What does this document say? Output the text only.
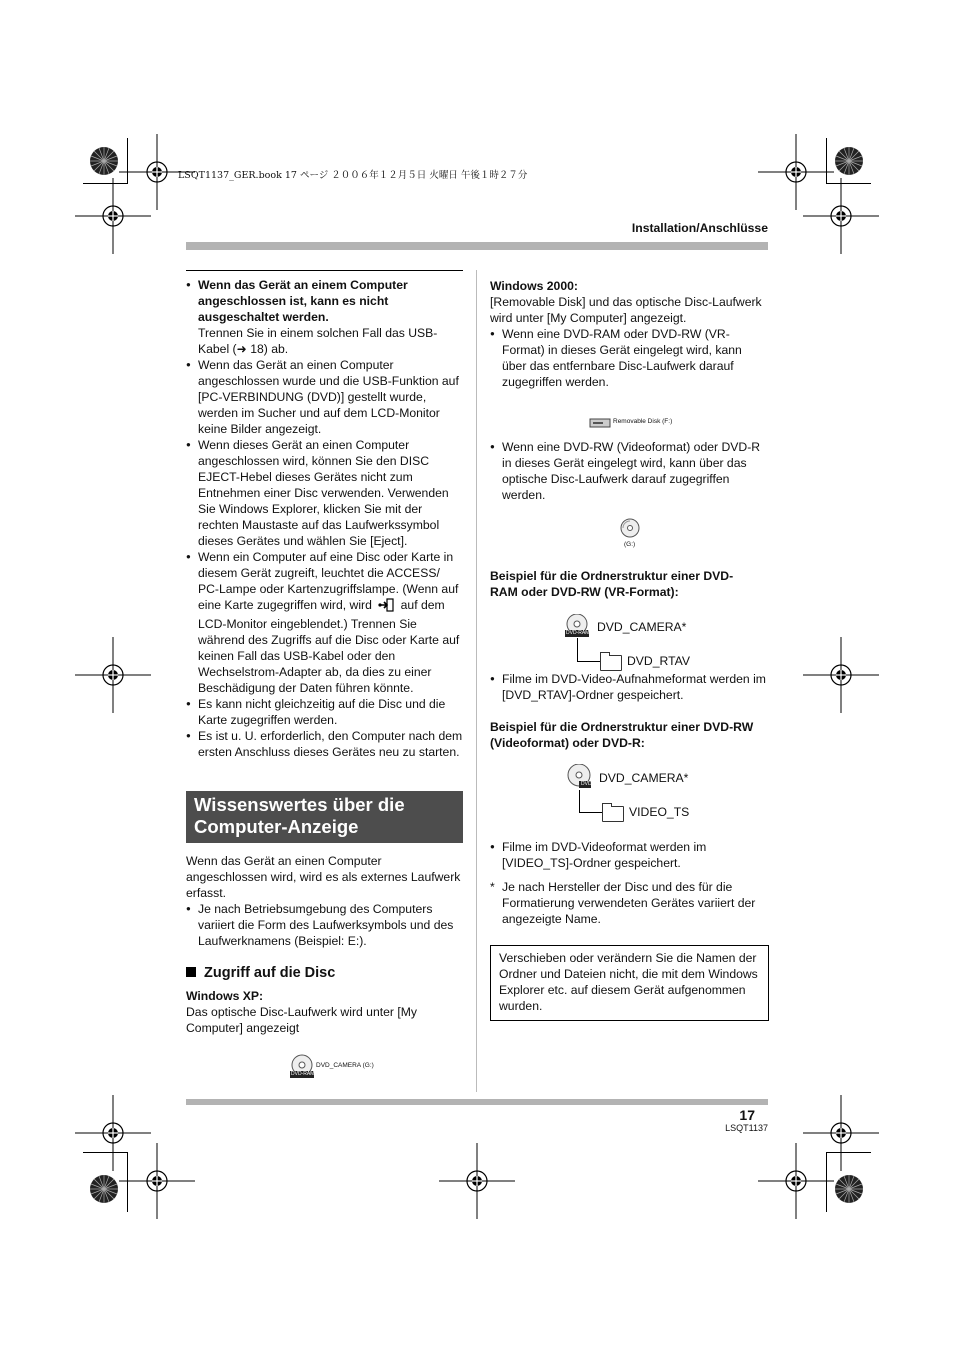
LSQT1137_GER.book 17 ページ ２００６年１２月５日 火曜日 午後１時２７分
Installation/Anschlüsse
● Wenn das Gerät an einem Computer angeschlossen ist, kann es nicht ausgeschaltet werden.
Trennen Sie in einem solchen Fall das USB-Kabel (➜ 18) ab.
● Wenn das Gerät an einen Computer angeschlossen wurde und die USB-Funktion auf [PC-VERBINDUNG (DVD)] gestellt wurde, werden im Sucher und auf dem LCD-Monitor keine Bilder angezeigt.
● Wenn dieses Gerät an einen Computer angeschlossen wird, können Sie den DISC EJECT-Hebel dieses Gerätes nicht zum Entnehmen einer Disc verwenden. Verwenden Sie Windows Explorer, klicken Sie mit der rechten Maustaste auf das Laufwerkssymbol dieses Gerätes und wählen Sie [Eject].
● Wenn ein Computer auf eine Disc oder Karte in diesem Gerät zugreift, leuchtet die ACCESS/ PC-Lampe oder Kartenzugriffslampe. (Wenn auf eine Karte zugegriffen wird, wird auf dem LCD-Monitor eingeblendet.) Trennen Sie während des Zugriffs auf die Disc oder Karte auf keinen Fall das USB-Kabel oder den Wechselstrom-Adapter ab, da dies zu einer Beschädigung der Daten führen könnte.
● Es kann nicht gleichzeitig auf die Disc und die Karte zugegriffen werden.
● Es ist u. U. erforderlich, den Computer nach dem ersten Anschluss dieses Gerätes neu zu starten.
Wissenswertes über die
Computer-Anzeige
Wenn das Gerät an einen Computer angeschlossen wird, wird es als externes Laufwerk erfasst.
● Je nach Betriebsumgebung des Computers variiert die Form des Laufwerksymbols und des Laufwerknamens (Beispiel: E:).
Zugriff auf die Disc
Windows XP:
Das optische Disc-Laufwerk wird unter [My Computer] angezeigt
DVD-RAM
DVD_CAMERA (G:)
Windows 2000:
[Removable Disk] und das optische Disc-Laufwerk wird unter [My Computer] angezeigt.
● Wenn eine DVD-RAM oder DVD-RW (VR-Format) in dieses Gerät eingelegt wird, kann über das entfernbare Disc-Laufwerk darauf zugegriffen werden.
Removable Disk (F:)
● Wenn eine DVD-RW (Videoformat) oder DVD-R in dieses Gerät eingelegt wird, kann über das optische Disc-Laufwerk darauf zugegriffen werden.
(G:)
Beispiel für die Ordnerstruktur einer DVD-RAM oder DVD-RW (VR-Format):
DVD-RAM DVD_CAMERA*
DVD_RTAV
● Filme im DVD-Video-Aufnahmeformat werden im [DVD_RTAV]-Ordner gespeichert.
Beispiel für die Ordnerstruktur einer DVD-RW (Videoformat) oder DVD-R:
DVD DVD_CAMERA*
VIDEO_TS
● Filme im DVD-Videoformat werden im [VIDEO_TS]-Ordner gespeichert.
* Je nach Hersteller der Disc und des für die Formatierung verwendeten Gerätes variiert der angezeigte Name.
Verschieben oder verändern Sie die Namen der Ordner und Dateien nicht, die mit dem Windows Explorer etc. auf diesem Gerät aufgenommen wurden.
17
LSQT1137
